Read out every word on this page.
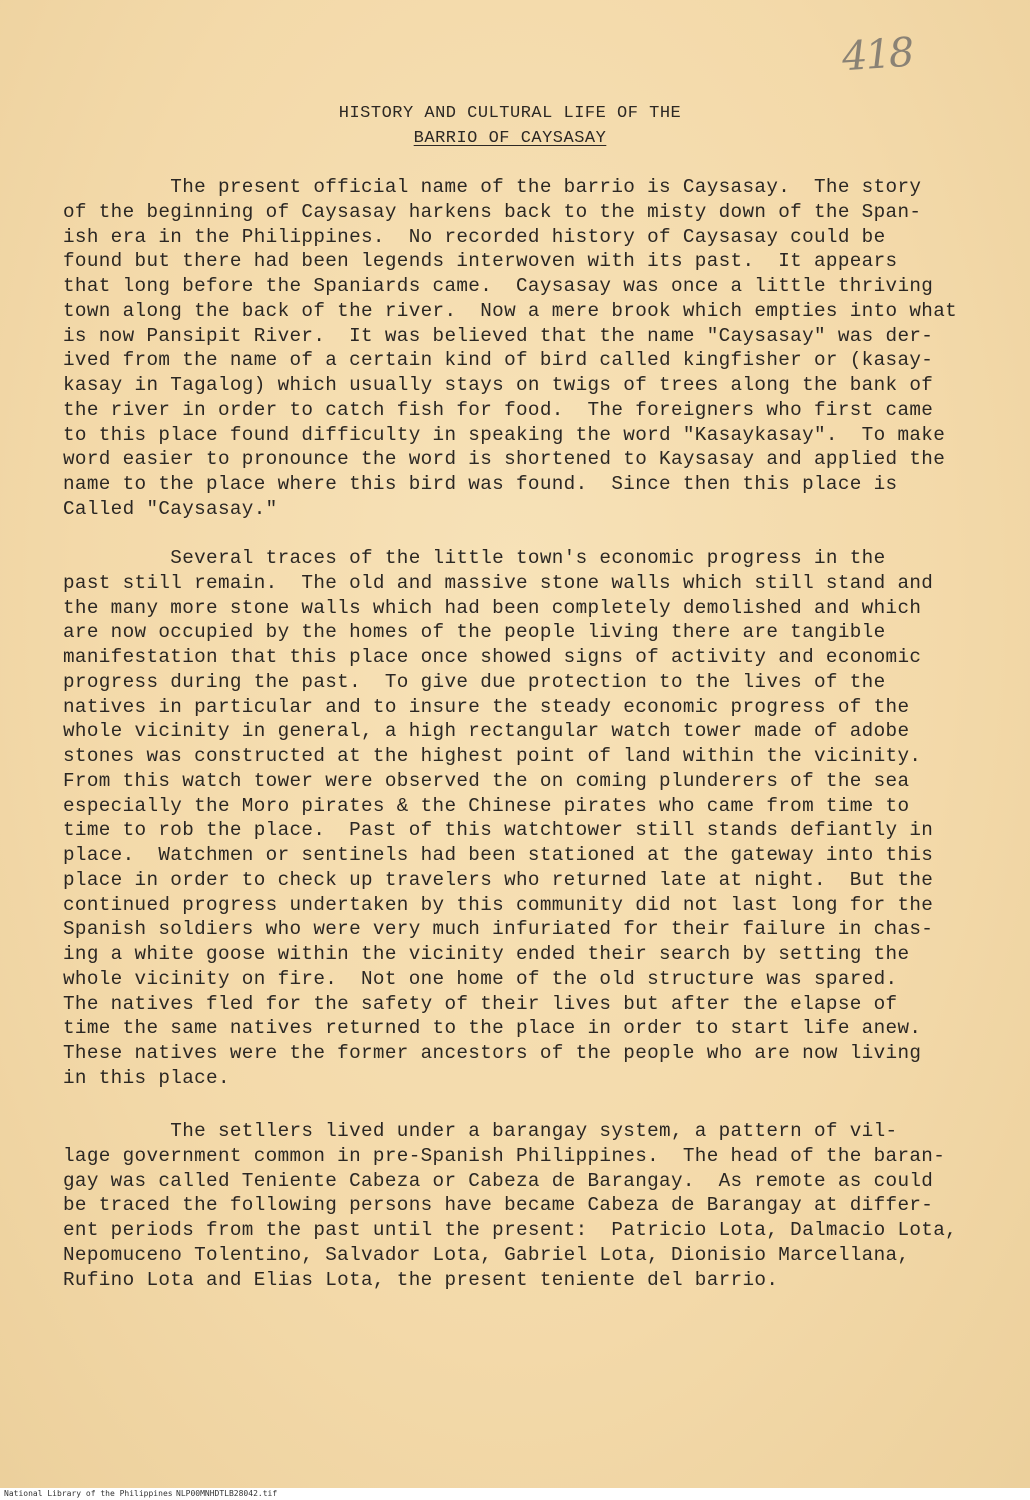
418
HISTORY AND CULTURAL LIFE OF THE
BARRIO OF CAYSASAY
The present official name of the barrio is Caysasay.  The story
of the beginning of Caysasay harkens back to the misty down of the Span-
ish era in the Philippines.  No recorded history of Caysasay could be
found but there had been legends interwoven with its past.  It appears
that long before the Spaniards came.  Caysasay was once a little thriving
town along the back of the river.  Now a mere brook which empties into what
is now Pansipit River.  It was believed that the name "Caysasay" was der-
ived from the name of a certain kind of bird called kingfisher or (kasay-
kasay in Tagalog) which usually stays on twigs of trees along the bank of
the river in order to catch fish for food.  The foreigners who first came
to this place found difficulty in speaking the word "Kasaykasay".  To make
word easier to pronounce the word is shortened to Kaysasay and applied the
name to the place where this bird was found.  Since then this place is
Called "Caysasay."
Several traces of the little town's economic progress in the
past still remain.  The old and massive stone walls which still stand and
the many more stone walls which had been completely demolished and which
are now occupied by the homes of the people living there are tangible
manifestation that this place once showed signs of activity and economic
progress during the past.  To give due protection to the lives of the
natives in particular and to insure the steady economic progress of the
whole vicinity in general, a high rectangular watch tower made of adobe
stones was constructed at the highest point of land within the vicinity.
From this watch tower were observed the on coming plunderers of the sea
especially the Moro pirates & the Chinese pirates who came from time to
time to rob the place.  Past of this watchtower still stands defiantly in
place.  Watchmen or sentinels had been stationed at the gateway into this
place in order to check up travelers who returned late at night.  But the
continued progress undertaken by this community did not last long for the
Spanish soldiers who were very much infuriated for their failure in chas-
ing a white goose within the vicinity ended their search by setting the
whole vicinity on fire.  Not one home of the old structure was spared.
The natives fled for the safety of their lives but after the elapse of
time the same natives returned to the place in order to start life anew.
These natives were the former ancestors of the people who are now living
in this place.
The setllers lived under a barangay system, a pattern of vil-
lage government common in pre-Spanish Philippines.  The head of the baran-
gay was called Teniente Cabeza or Cabeza de Barangay.  As remote as could
be traced the following persons have became Cabeza de Barangay at differ-
ent periods from the past until the present:  Patricio Lota, Dalmacio Lota,
Nepomuceno Tolentino, Salvador Lota, Gabriel Lota, Dionisio Marcellana,
Rufino Lota and Elias Lota, the present teniente del barrio.
National Library of the Philippines NLP00MNHDTLB28042.tif
